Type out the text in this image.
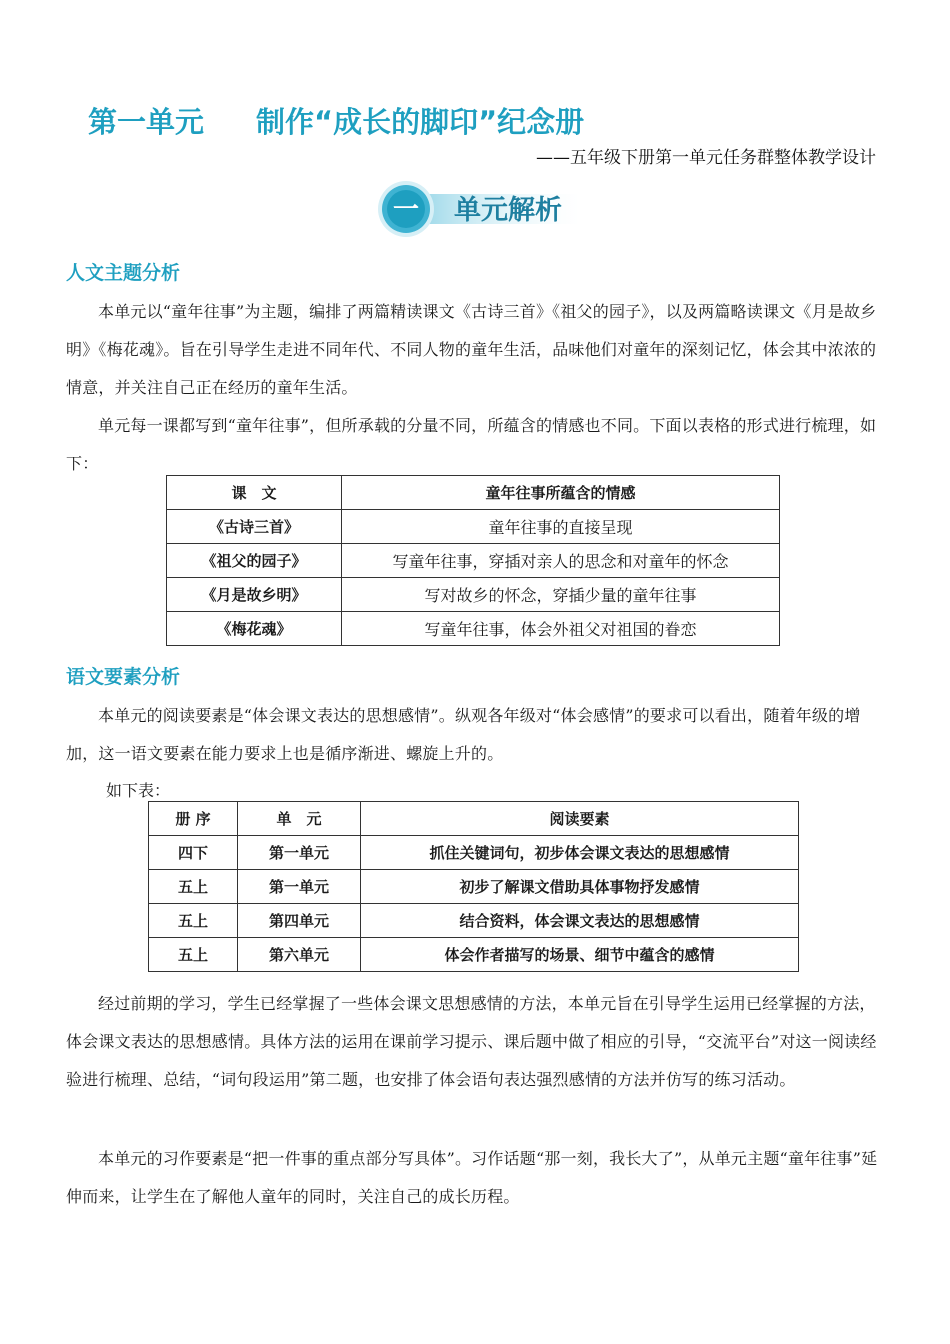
第一单元 制作“成长的脚印”纪念册
——五年级下册第一单元任务群整体教学设计
一 单元解析
人文主题分析

本单元以“童年往事”为主题，编排了两篇精读课文《古诗三首》《祖父的园子》，以及两篇略读课文《月是故乡明》《梅花魂》。旨在引导学生走进不同年代、不同人物的童年生活，品味他们对童年的深刻记忆，体会其中浓浓的情意，并关注自己正在经历的童年生活。

单元每一课都写到“童年往事”，但所承载的分量不同，所蕴含的情感也不同。下面以表格的形式进行梳理，如下：

课　文	童年往事所蕴含的情感
《古诗三首》	童年往事的直接呈现
《祖父的园子》	写童年往事，穿插对亲人的思念和对童年的怀念
《月是故乡明》	写对故乡的怀念，穿插少量的童年往事
《梅花魂》	写童年往事，体会外祖父对祖国的眷恋
语文要素分析

本单元的阅读要素是“体会课文表达的思想感情”。纵观各年级对“体会感情”的要求可以看出，随着年级的增加，这一语文要素在能力要求上也是循序渐进、螺旋上升的。

如下表：

册 序	单　元	阅读要素
四下	第一单元	抓住关键词句，初步体会课文表达的思想感情
五上	第一单元	初步了解课文借助具体事物抒发感情
五上	第四单元	结合资料，体会课文表达的思想感情
五上	第六单元	体会作者描写的场景、细节中蕴含的感情

经过前期的学习，学生已经掌握了一些体会课文思想感情的方法，本单元旨在引导学生运用已经掌握的方法，体会课文表达的思想感情。具体方法的运用在课前学习提示、课后题中做了相应的引导，“交流平台”对这一阅读经验进行梳理、总结，“词句段运用”第二题，也安排了体会语句表达强烈感情的方法并仿写的练习活动。

本单元的习作要素是“把一件事的重点部分写具体”。习作话题“那一刻，我长大了”，从单元主题“童年往事”延伸而来，让学生在了解他人童年的同时，关注自己的成长历程。
